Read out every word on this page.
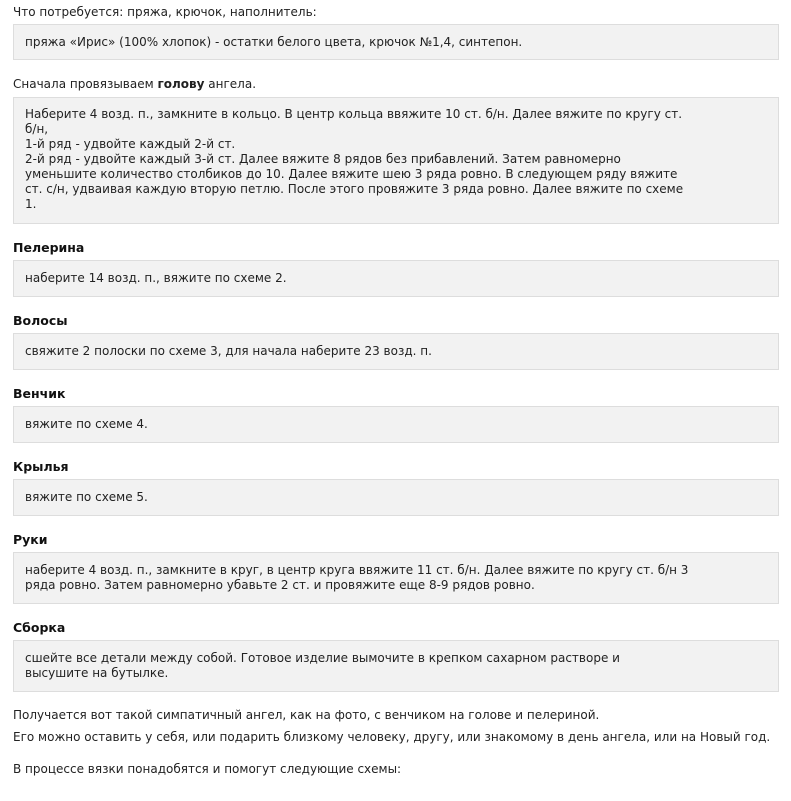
Что потребуется: пряжа, крючок, наполнитель:
пряжа «Ирис» (100% хлопок) - остатки белого цвета, крючок №1,4, синтепон.
Сначала провязываем голову ангела.
Наберите 4 возд. п., замкните в кольцо. В центр кольца ввяжите 10 ст. б/н. Далее вяжите по кругу ст.
б/н,
1-й ряд - удвойте каждый 2-й ст.
2-й ряд - удвойте каждый 3-й ст. Далее вяжите 8 рядов без прибавлений. Затем равномерно
уменьшите количество столбиков до 10. Далее вяжите шею 3 ряда ровно. В следующем ряду вяжите
ст. с/н, удваивая каждую вторую петлю. После этого провяжите 3 ряда ровно. Далее вяжите по схеме
1.
Пелерина
наберите 14 возд. п., вяжите по схеме 2.
Волосы
свяжите 2 полоски по схеме 3, для начала наберите 23 возд. п.
Венчик
вяжите по схеме 4.
Крылья
вяжите по схеме 5.
Руки
наберите 4 возд. п., замкните в круг, в центр круга ввяжите 11 ст. б/н. Далее вяжите по кругу ст. б/н 3
ряда ровно. Затем равномерно убавьте 2 ст. и провяжите еще 8-9 рядов ровно.
Сборка
сшейте все детали между собой. Готовое изделие вымочите в крепком сахарном растворе и
высушите на бутылке.
Получается вот такой симпатичный ангел, как на фото, с венчиком на голове и пелериной.
Его можно оставить у себя, или подарить близкому человеку, другу, или знакомому в день ангела, или на Новый год.
В процессе вязки понадобятся и помогут следующие схемы:
